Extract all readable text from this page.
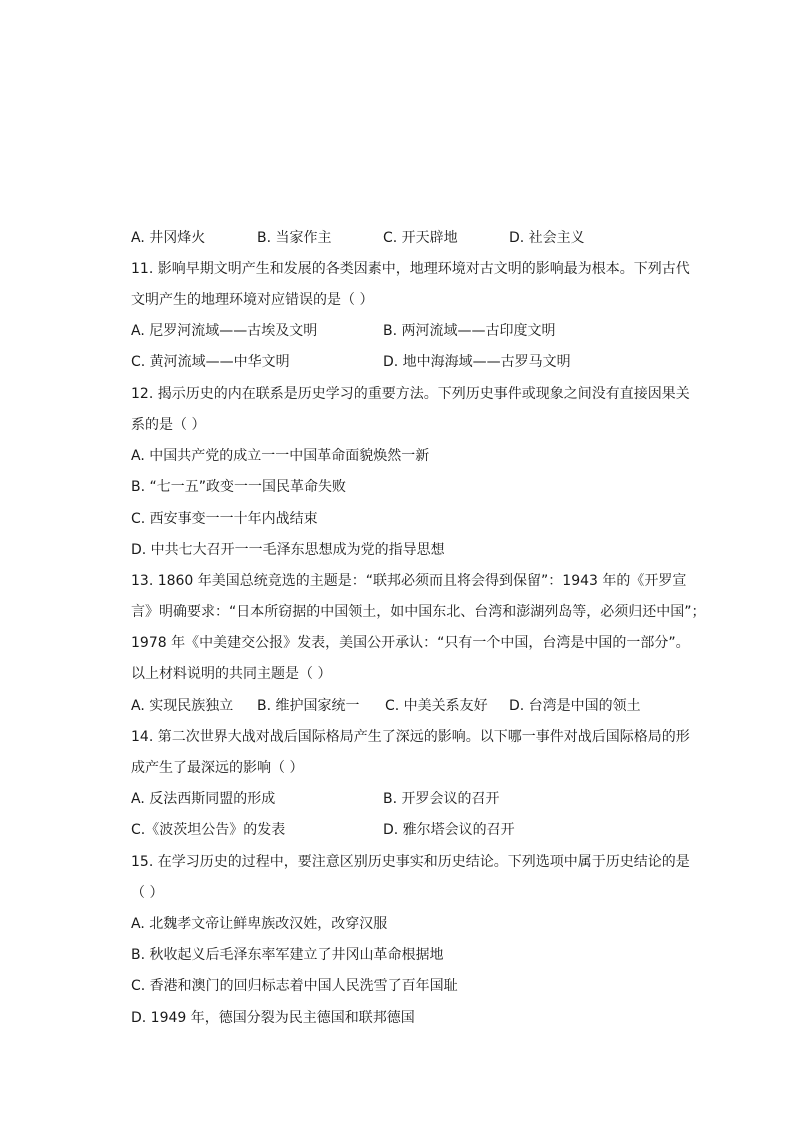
A. 井冈烽火	B. 当家作主	C. 开天辟地	D. 社会主义
11. 影响早期文明产生和发展的各类因素中，地理环境对古文明的影响最为根本。下列古代
文明产生的地理环境对应错误的是（ ）
A. 尼罗河流域——古埃及文明	B. 两河流域——古印度文明
C. 黄河流域——中华文明	D. 地中海海域——古罗马文明
12. 揭示历史的内在联系是历史学习的重要方法。下列历史事件或现象之间没有直接因果关
系的是（ ）
A. 中国共产党的成立一一中国革命面貌焕然一新
B. “七一五”政变一一国民革命失败
C. 西安事变一一十年内战结束
D. 中共七大召开一一毛泽东思想成为党的指导思想
13. 1860 年美国总统竞选的主题是：“联邦必须而且将会得到保留”：1943 年的《开罗宣
言》明确要求：“日本所窃据的中国领土，如中国东北、台湾和澎湖列岛等，必须归还中国”；
1978 年《中美建交公报》发表，美国公开承认：“只有一个中国，台湾是中国的一部分”。
以上材料说明的共同主题是（ ）
A. 实现民族独立 B. 维护国家统一 C. 中美关系友好 D. 台湾是中国的领土
14. 第二次世界大战对战后国际格局产生了深远的影响。以下哪一事件对战后国际格局的形
成产生了最深远的影响（ ）
A. 反法西斯同盟的形成	B. 开罗会议的召开
C.《波茨坦公告》的发表	D. 雅尔塔会议的召开
15. 在学习历史的过程中，要注意区别历史事实和历史结论。下列选项中属于历史结论的是
（ ）
A. 北魏孝文帝让鲜卑族改汉姓，改穿汉服
B. 秋收起义后毛泽东率军建立了井冈山革命根据地
C. 香港和澳门的回归标志着中国人民洗雪了百年国耻
D. 1949 年，德国分裂为民主德国和联邦德国
